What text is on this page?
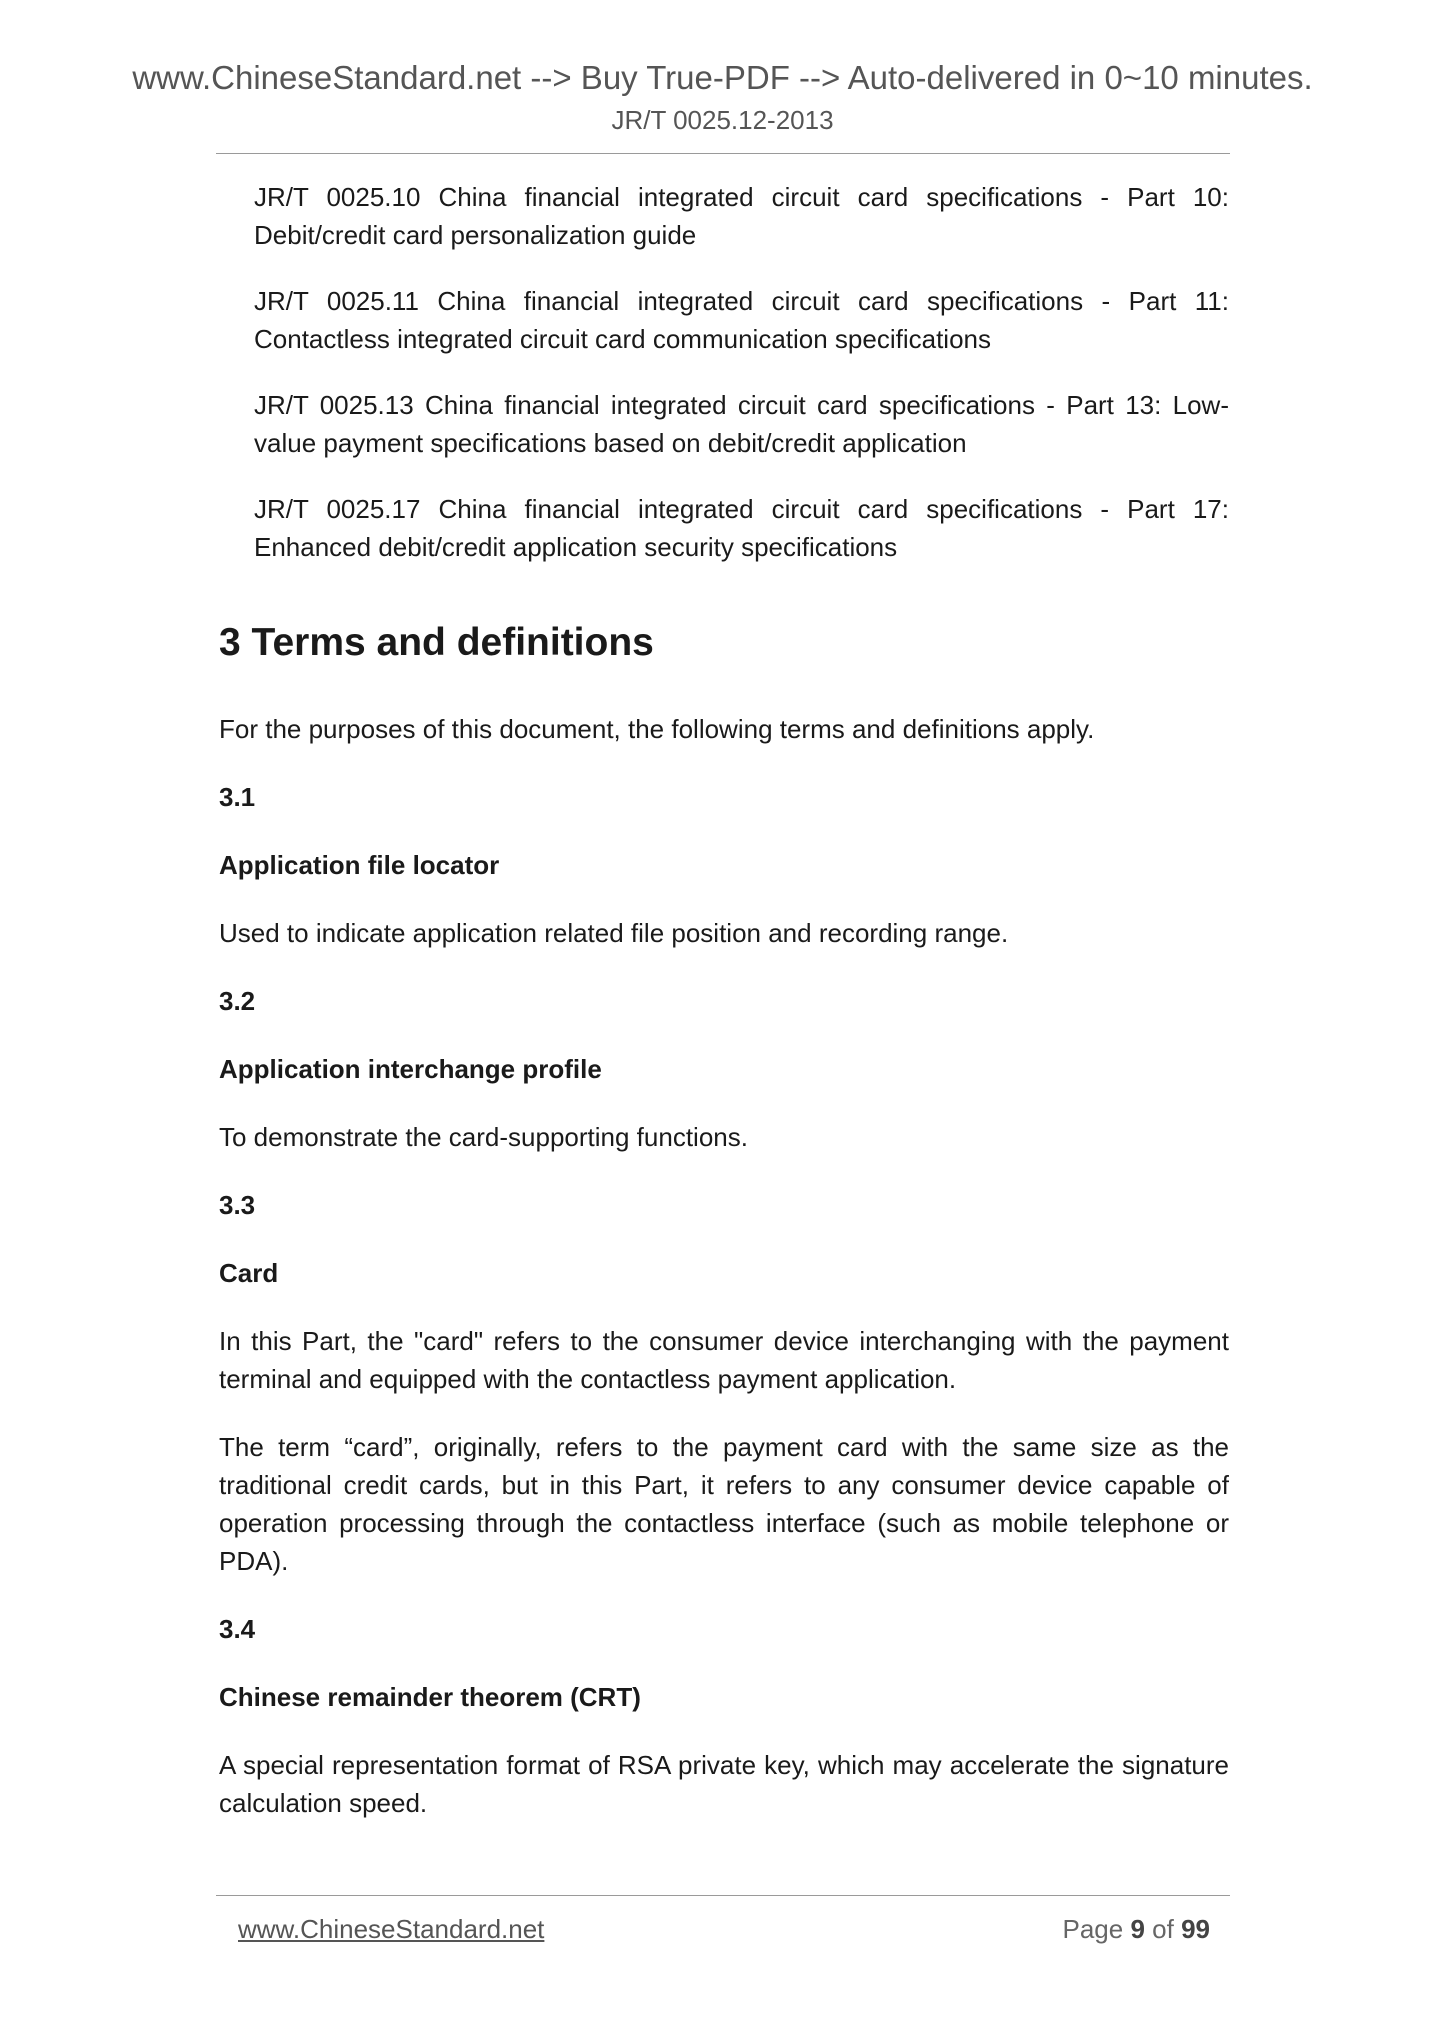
www.ChineseStandard.net --> Buy True-PDF --> Auto-delivered in 0~10 minutes.
JR/T 0025.12-2013

JR/T 0025.10 China financial integrated circuit card specifications - Part 10: Debit/credit card personalization guide

JR/T 0025.11 China financial integrated circuit card specifications - Part 11: Contactless integrated circuit card communication specifications

JR/T 0025.13 China financial integrated circuit card specifications - Part 13: Low-value payment specifications based on debit/credit application

JR/T 0025.17 China financial integrated circuit card specifications - Part 17: Enhanced debit/credit application security specifications

3 Terms and definitions

For the purposes of this document, the following terms and definitions apply.

3.1
Application file locator

Used to indicate application related file position and recording range.

3.2
Application interchange profile

To demonstrate the card-supporting functions.

3.3
Card

In this Part, the "card" refers to the consumer device interchanging with the payment terminal and equipped with the contactless payment application.

The term “card”, originally, refers to the payment card with the same size as the traditional credit cards, but in this Part, it refers to any consumer device capable of operation processing through the contactless interface (such as mobile telephone or PDA).

3.4
Chinese remainder theorem (CRT)

A special representation format of RSA private key, which may accelerate the signature calculation speed.

www.ChineseStandard.net	Page 9 of 99
